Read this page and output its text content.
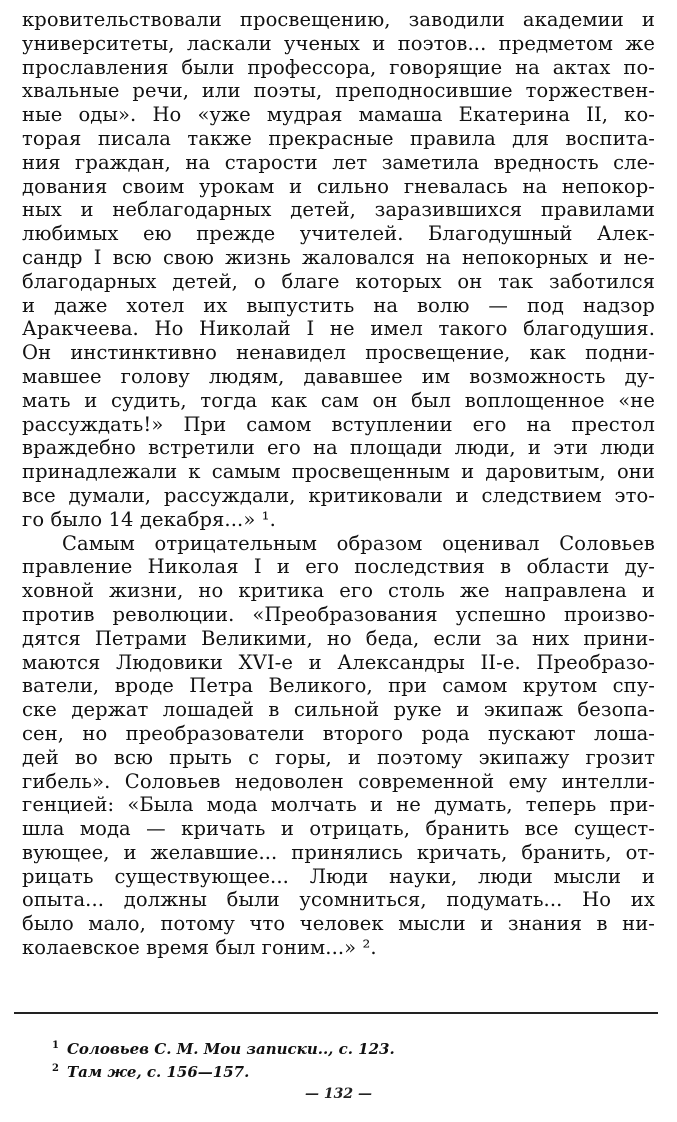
кровительствовали просвещению, заводили академии и
университеты, ласкали ученых и поэтов... предметом же
прославления были профессора, говорящие на актах по-
хвальные речи, или поэты, преподносившие торжествен-
ные оды». Но «уже мудрая мамаша Екатерина II, ко-
торая писала также прекрасные правила для воспита-
ния граждан, на старости лет заметила вредность сле-
дования своим урокам и сильно гневалась на непокор-
ных и неблагодарных детей, заразившихся правилами
любимых ею прежде учителей. Благодушный Алек-
сандр I всю свою жизнь жаловался на непокорных и не-
благодарных детей, о благе которых он так заботился
и даже хотел их выпустить на волю — под надзор
Аракчеева. Но Николай I не имел такого благодушия.
Он инстинктивно ненавидел просвещение, как подни-
мавшее голову людям, дававшее им возможность ду-
мать и судить, тогда как сам он был воплощенное «не
рассуждать!» При самом вступлении его на престол
враждебно встретили его на площади люди, и эти люди
принадлежали к самым просвещенным и даровитым, они
все думали, рассуждали, критиковали и следствием это-
го было 14 декабря...» ¹.
Самым отрицательным образом оценивал Соловьев
правление Николая I и его последствия в области ду-
ховной жизни, но критика его столь же направлена и
против революции. «Преобразования успешно произво-
дятся Петрами Великими, но беда, если за них прини-
маются Людовики XVI-е и Александры II-е. Преобразо-
ватели, вроде Петра Великого, при самом крутом спу-
ске держат лошадей в сильной руке и экипаж безопа-
сен, но преобразователи второго рода пускают лоша-
дей во всю прыть с горы, и поэтому экипажу грозит
гибель». Соловьев недоволен современной ему интелли-
генцией: «Была мода молчать и не думать, теперь при-
шла мода — кричать и отрицать, бранить все сущест-
вующее, и желавшие... принялись кричать, бранить, от-
рицать существующее... Люди науки, люди мысли и
опыта... должны были усомниться, подумать... Но их
было мало, потому что человек мысли и знания в ни-
колаевское время был гоним...» ².
$^1$ Соловьев С. М. Мои записки.., с. 123.
$^2$ Там же, с. 156—157.
— 132 —
